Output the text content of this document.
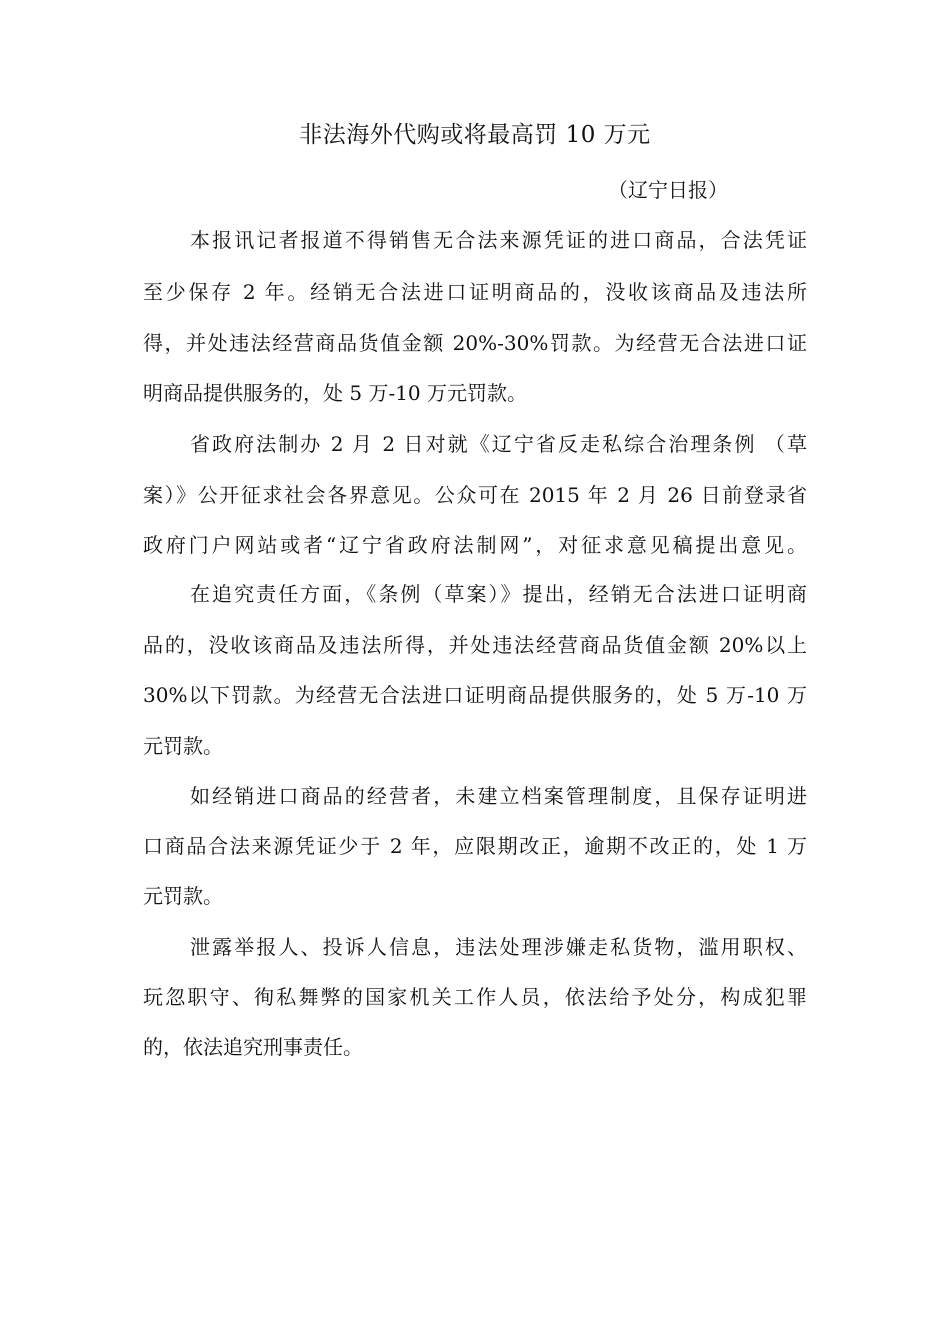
非法海外代购或将最高罚 10 万元
（辽宁日报）
本报讯记者报道不得销售无合法来源凭证的进口商品，合法凭证
至少保存 2 年。经销无合法进口证明商品的，没收该商品及违法所
得，并处违法经营商品货值金额 20%-30%罚款。为经营无合法进口证
明商品提供服务的，处 5 万-10 万元罚款。
省政府法制办 2 月 2 日对就《辽宁省反走私综合治理条例 （草
案）》公开征求社会各界意见。公众可在 2015 年 2 月 26 日前登录省
政府门户网站或者“辽宁省政府法制网”，对征求意见稿提出意见。
在追究责任方面，《条例（草案）》提出，经销无合法进口证明商
品的，没收该商品及违法所得，并处违法经营商品货值金额 20%以上
30%以下罚款。为经营无合法进口证明商品提供服务的，处 5 万-10 万
元罚款。
如经销进口商品的经营者，未建立档案管理制度，且保存证明进
口商品合法来源凭证少于 2 年，应限期改正，逾期不改正的，处 1 万
元罚款。
泄露举报人、投诉人信息，违法处理涉嫌走私货物，滥用职权、
玩忽职守、徇私舞弊的国家机关工作人员，依法给予处分，构成犯罪
的，依法追究刑事责任。
